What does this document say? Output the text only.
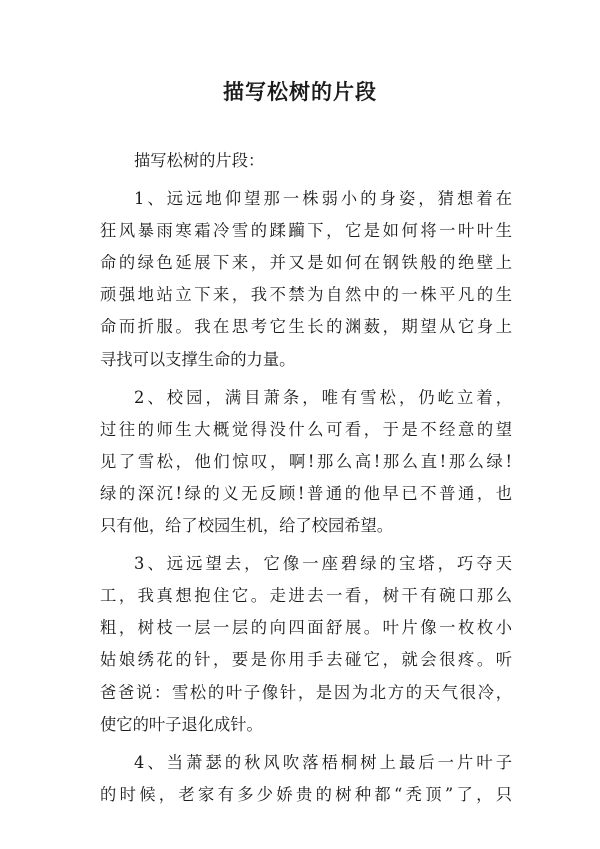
描写松树的片段

描写松树的片段：

1、远远地仰望那一株弱小的身姿，猜想着在
狂风暴雨寒霜冷雪的蹂躏下，它是如何将一叶叶生
命的绿色延展下来，并又是如何在钢铁般的绝壁上
顽强地站立下来，我不禁为自然中的一株平凡的生
命而折服。我在思考它生长的渊薮，期望从它身上
寻找可以支撑生命的力量。

2、校园，满目萧条，唯有雪松，仍屹立着，
过往的师生大概觉得没什么可看，于是不经意的望
见了雪松，他们惊叹，啊!那么高!那么直!那么绿!
绿的深沉!绿的义无反顾!普通的他早已不普通，也
只有他，给了校园生机，给了校园希望。

3、远远望去，它像一座碧绿的宝塔，巧夺天
工，我真想抱住它。走进去一看，树干有碗口那么
粗，树枝一层一层的向四面舒展。叶片像一枚枚小
姑娘绣花的针，要是你用手去碰它，就会很疼。听
爸爸说：雪松的叶子像针，是因为北方的天气很冷，
使它的叶子退化成针。

4、当萧瑟的秋风吹落梧桐树上最后一片叶子
的时候，老家有多少娇贵的树种都“秃顶”了，只
